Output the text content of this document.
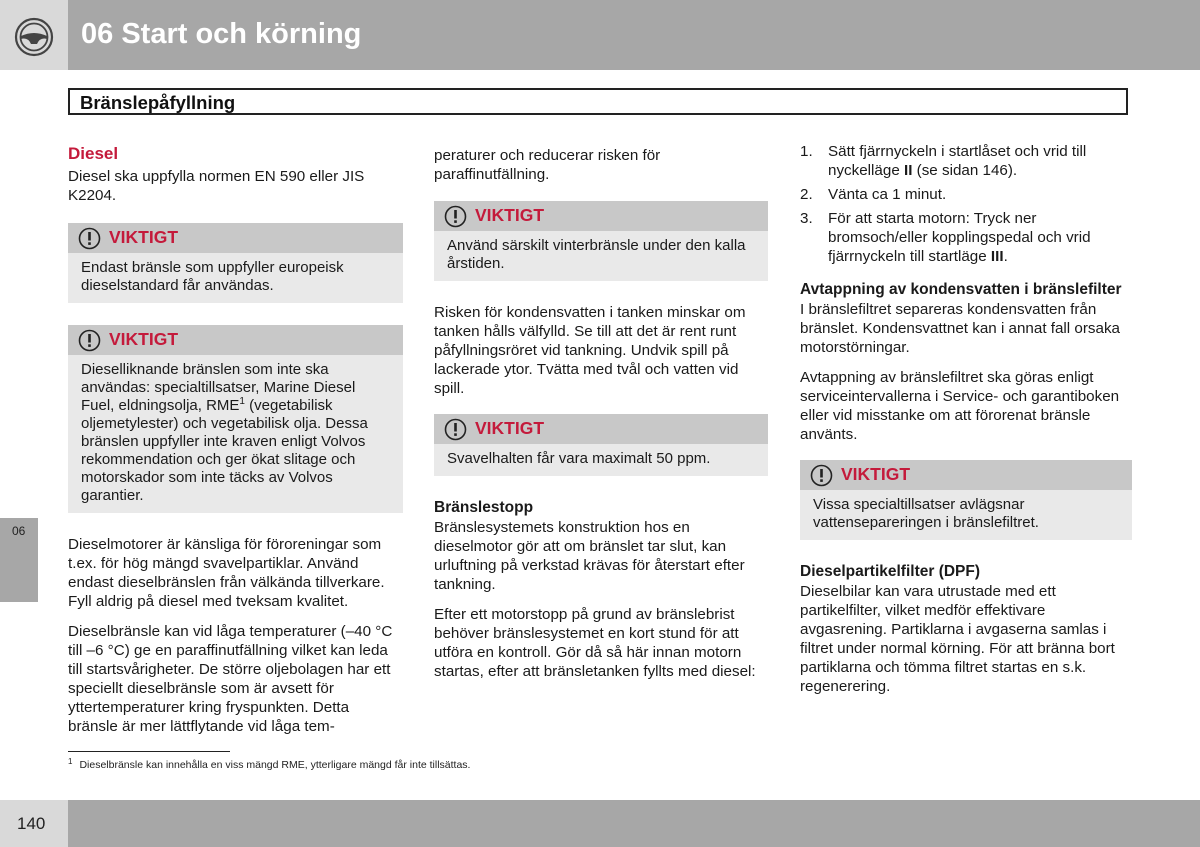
06 Start och körning
Bränslepåfyllning
Diesel

Diesel ska uppfylla normen EN 590 eller JIS K2204.

VIKTIGT
Endast bränsle som uppfyller europeisk dieselstandard får användas.
VIKTIGT
Dieselliknande bränslen som inte ska användas: specialtillsatser, Marine Diesel Fuel, eldningsolja, RME$^1$ (vegetabilisk oljemetylester) och vegetabilisk olja. Dessa bränslen uppfyller inte kraven enligt Volvos rekommendation och ger ökat slitage och motorskador som inte täcks av Volvos garantier.

Dieselmotorer är känsliga för föroreningar som t.ex. för hög mängd svavelpartiklar. Använd endast dieselbränslen från välkända tillverkare. Fyll aldrig på diesel med tveksam kvalitet.

Dieselbränsle kan vid låga temperaturer (–40 °C till –6 °C) ge en paraffinutfällning vilket kan leda till startsvårigheter. De större oljebolagen har ett speciellt dieselbränsle som är avsett för yttertemperaturer kring fryspunkten. Detta bränsle är mer lättflytande vid låga tem-

peraturer och reducerar risken för paraffinutfällning.

VIKTIGT
Använd särskilt vinterbränsle under den kalla årstiden.

Risken för kondensvatten i tanken minskar om tanken hålls välfylld. Se till att det är rent runt påfyllningsröret vid tankning. Undvik spill på lackerade ytor. Tvätta med tvål och vatten vid spill.

VIKTIGT
Svavelhalten får vara maximalt 50 ppm.
Bränslestopp

Bränslesystemets konstruktion hos en dieselmotor gör att om bränslet tar slut, kan urluftning på verkstad krävas för återstart efter tankning.

Efter ett motorstopp på grund av bränslebrist behöver bränslesystemet en kort stund för att utföra en kontroll. Gör då så här innan motorn startas, efter att bränsletanken fyllts med diesel:

1. Sätt fjärrnyckeln i startlåset och vrid till nyckelläge II (se sidan 146).
2. Vänta ca 1 minut.
3. För att starta motorn: Tryck ner bromsoch/eller kopplingspedal och vrid fjärrnyckeln till startläge III.
Avtappning av kondensvatten i bränslefilter

I bränslefiltret separeras kondensvatten från bränslet. Kondensvattnet kan i annat fall orsaka motorstörningar.

Avtappning av bränslefiltret ska göras enligt serviceintervallerna i Service- och garantiboken eller vid misstanke om att förorenat bränsle använts.

VIKTIGT
Vissa specialtillsatser avlägsnar vattensepareringen i bränslefiltret.
Dieselpartikelfilter (DPF)

Dieselbilar kan vara utrustade med ett partikelfilter, vilket medför effektivare avgasrening. Partiklarna i avgaserna samlas i filtret under normal körning. För att bränna bort partiklarna och tömma filtret startas en s.k. regenerering.

06
$^1$ Dieselbränsle kan innehålla en viss mängd RME, ytterligare mängd får inte tillsättas.
140
